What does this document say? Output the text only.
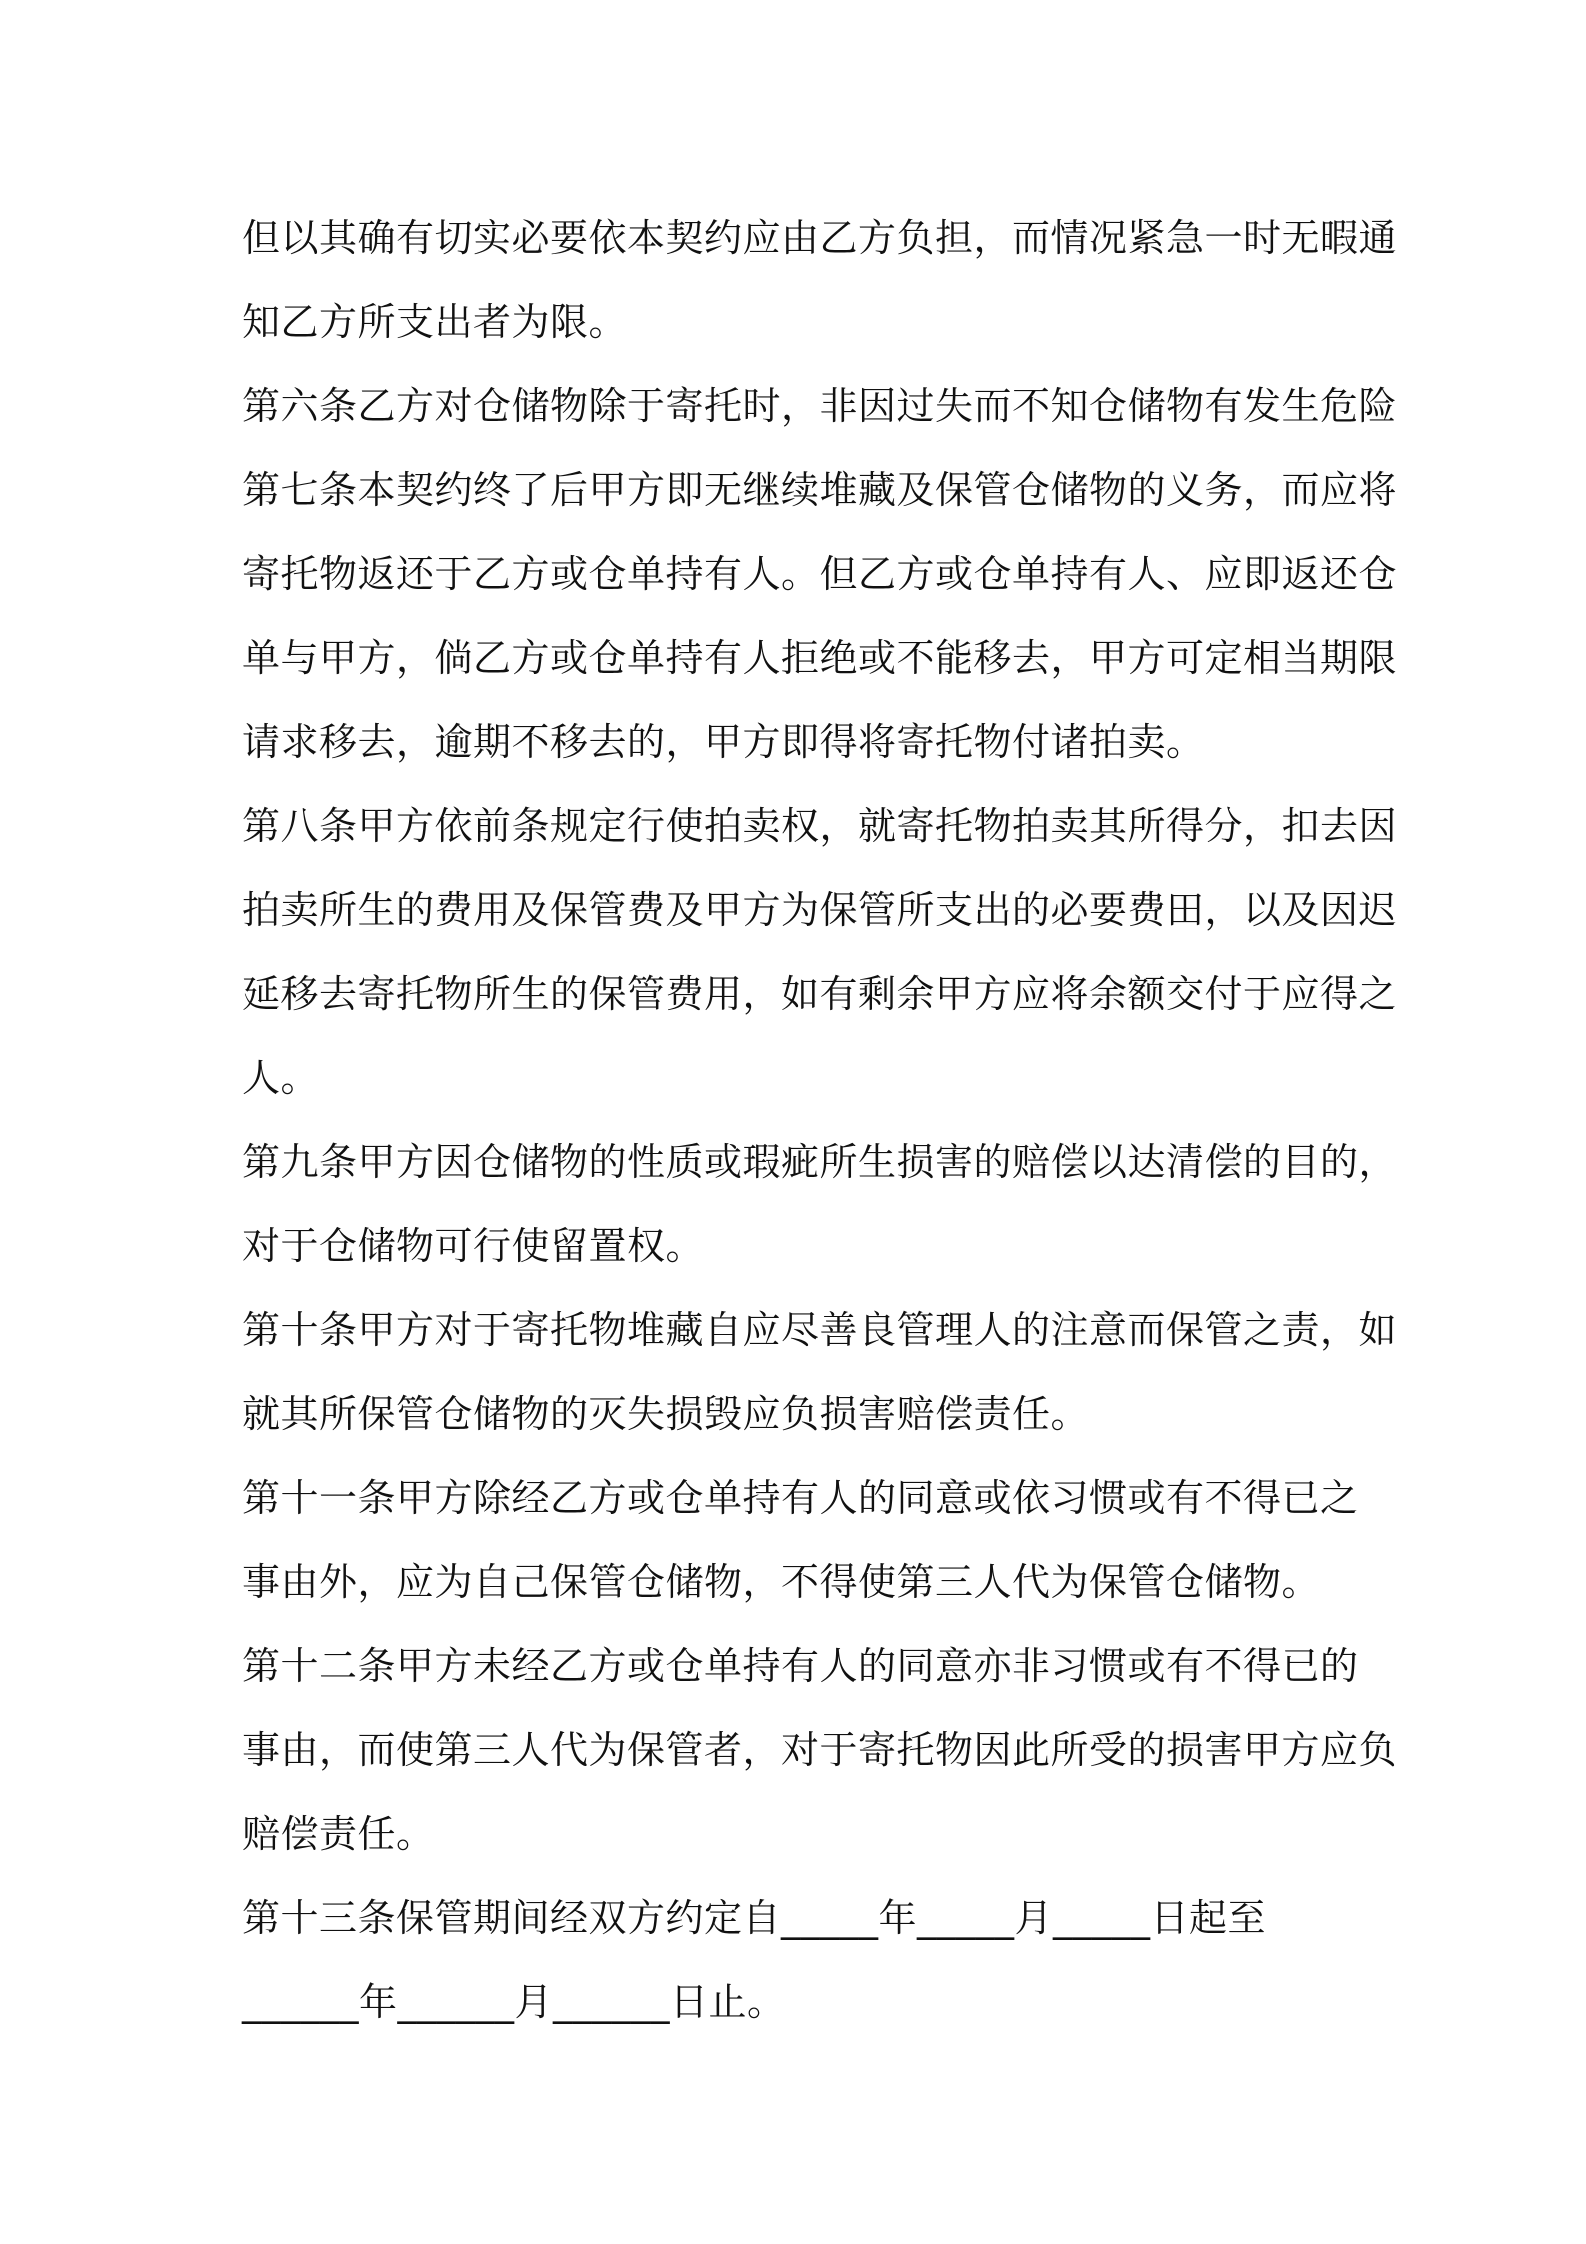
但以其确有切实必要依本契约应由乙方负担，而情况紧急一时无暇通
知乙方所支出者为限。
第六条乙方对仓储物除于寄托时，非因过失而不知仓储物有发生危险
第七条本契约终了后甲方即无继续堆藏及保管仓储物的义务，而应将
寄托物返还于乙方或仓单持有人。但乙方或仓单持有人、应即返还仓
单与甲方，倘乙方或仓单持有人拒绝或不能移去，甲方可定相当期限
请求移去，逾期不移去的，甲方即得将寄托物付诸拍卖。
第八条甲方依前条规定行使拍卖权，就寄托物拍卖其所得分，扣去因
拍卖所生的费用及保管费及甲方为保管所支出的必要费田，以及因迟
延移去寄托物所生的保管费用，如有剩余甲方应将余额交付于应得之
人。
第九条甲方因仓储物的性质或瑕疵所生损害的赔偿以达清偿的目的，
对于仓储物可行使留置权。
第十条甲方对于寄托物堆藏自应尽善良管理人的注意而保管之责，如
就其所保管仓储物的灭失损毁应负损害赔偿责任。
第十一条甲方除经乙方或仓单持有人的同意或依习惯或有不得已之
事由外，应为自己保管仓储物，不得使第三人代为保管仓储物。
第十二条甲方未经乙方或仓单持有人的同意亦非习惯或有不得已的
事由，而使第三人代为保管者，对于寄托物因此所受的损害甲方应负
赔偿责任。
第十三条保管期间经双方约定自_____年_____月_____日起至
______年______月______日止。
